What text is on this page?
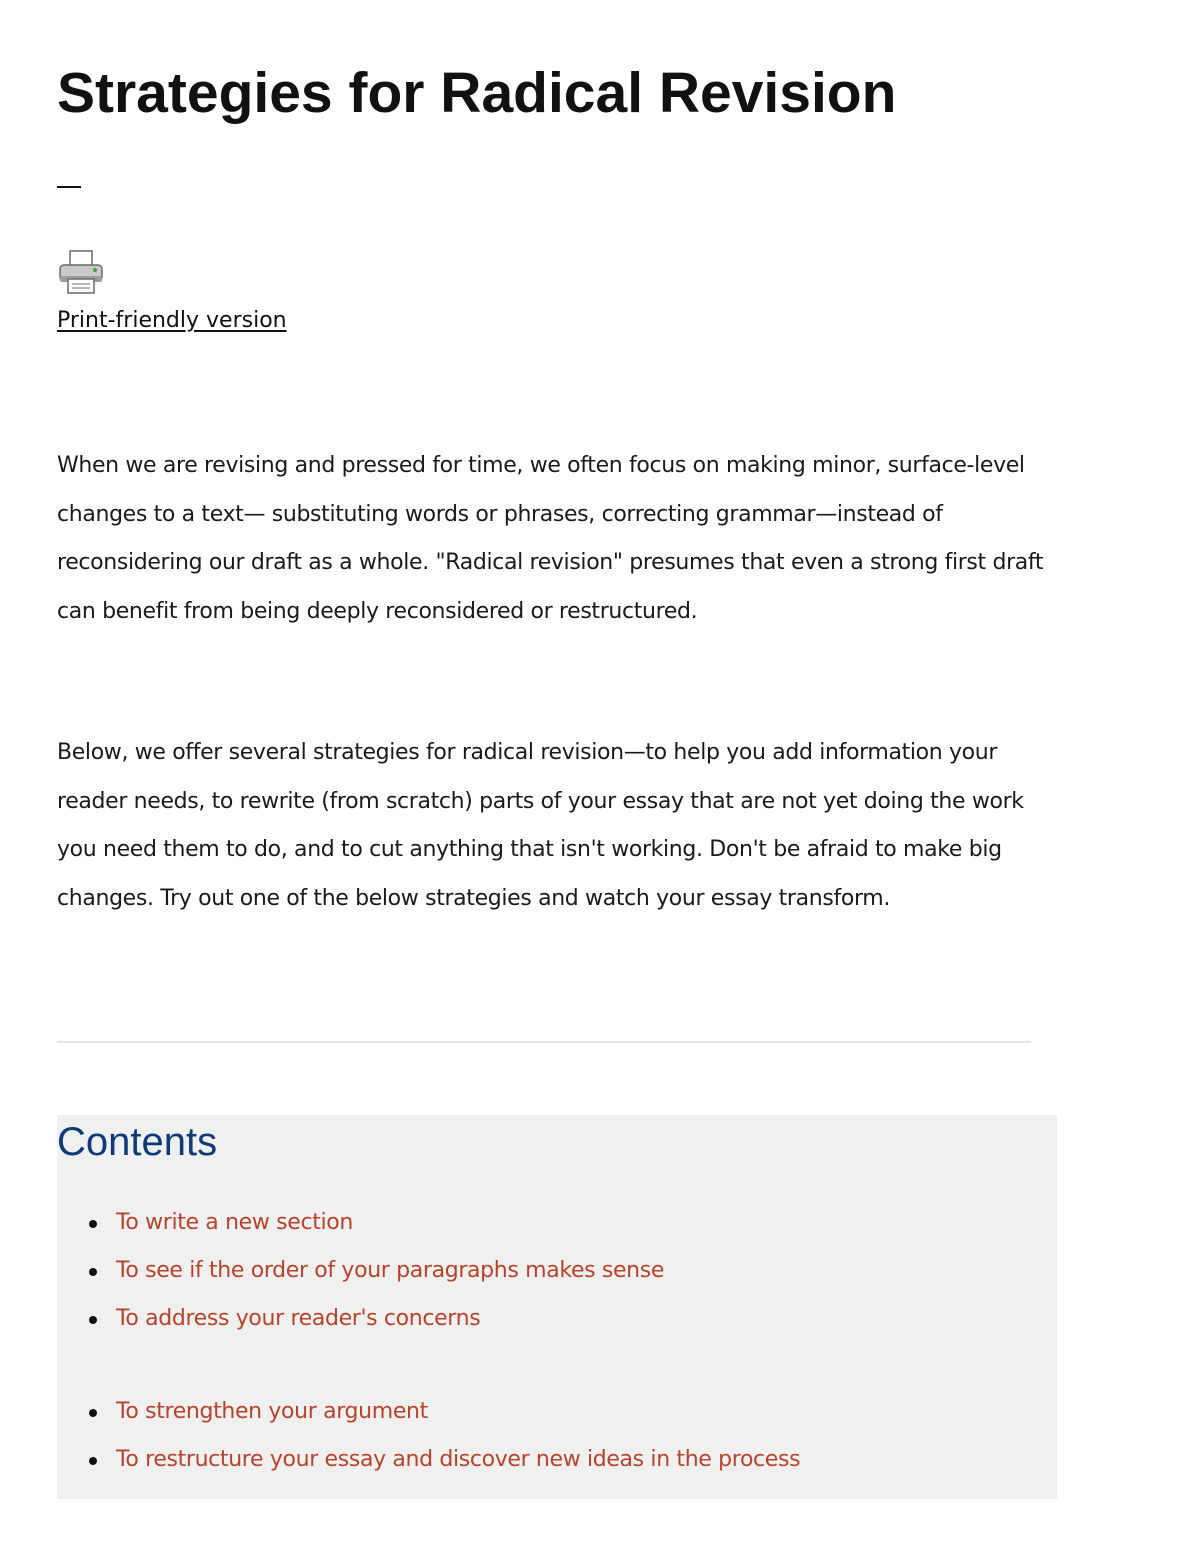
Strategies for Radical Revision
Print-friendly version

When we are revising and pressed for time, we often focus on making minor, surface-level changes to a text— substituting words or phrases, correcting grammar—instead of reconsidering our draft as a whole. "Radical revision" presumes that even a strong first draft can benefit from being deeply reconsidered or restructured.

Below, we offer several strategies for radical revision—to help you add information your reader needs, to rewrite (from scratch) parts of your essay that are not yet doing the work you need them to do, and to cut anything that isn't working. Don't be afraid to make big changes. Try out one of the below strategies and watch your essay transform.

Contents
To write a new section
To see if the order of your paragraphs makes sense
To address your reader's concerns
To strengthen your argument
To restructure your essay and discover new ideas in the process
